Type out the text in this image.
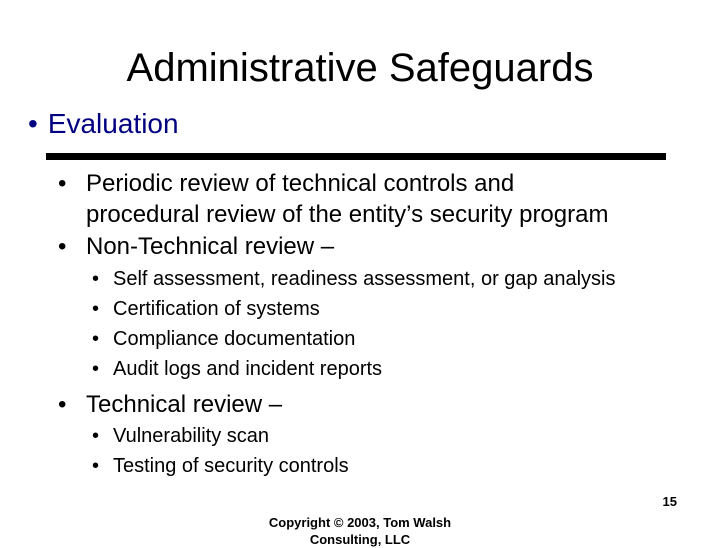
Administrative Safeguards
• Evaluation
• Periodic review of technical controls and
procedural review of the entity’s security program
• Non-Technical review –
• Self assessment, readiness assessment, or gap analysis
• Certification of systems
• Compliance documentation
• Audit logs and incident reports
• Technical review –
• Vulnerability scan
• Testing of security controls
15
Copyright © 2003, Tom Walsh
Consulting, LLC
